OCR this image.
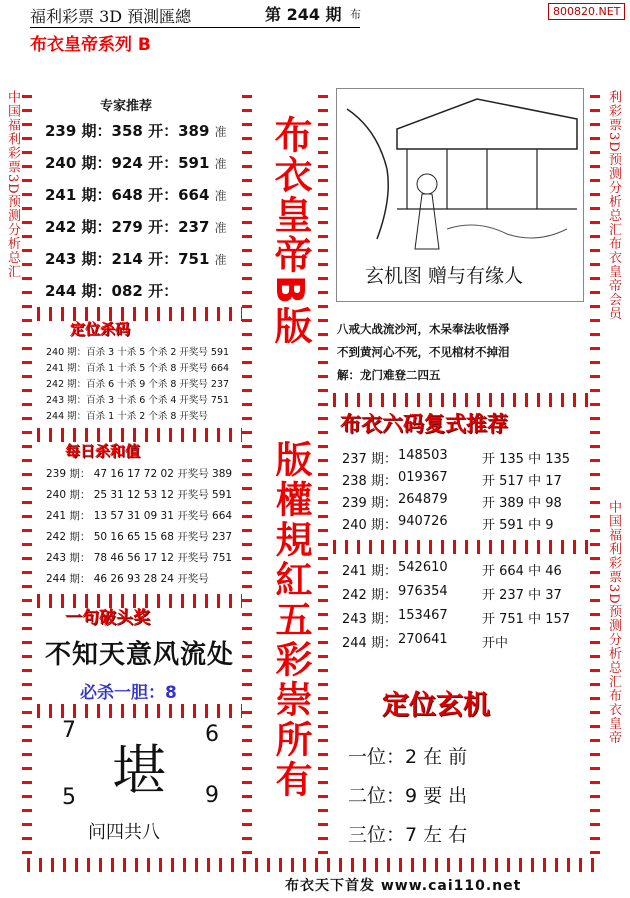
福利彩票 3D 預測匯總	第 244 期 布
布衣皇帝系列 B
800820.NET
中国福利彩票3D预测分析总汇	利彩票3D预测分析总汇布衣皇帝会员
中国福利彩票3D预测分析总汇布衣皇帝
专家推荐
239 期：358 开：389 准
240 期：924 开：591 准
241 期：648 开：664 准
242 期：279 开：237 准
243 期：214 开：751 准
244 期：082 开：
定位杀码
240 期：百杀 3 十杀 5 个杀 2 开奖号 591
241 期：百杀 1 十杀 5 个杀 8 开奖号 664
242 期：百杀 6 十杀 9 个杀 8 开奖号 237
243 期：百杀 3 十杀 6 个杀 4 开奖号 751
244 期：百杀 1 十杀 2 个杀 8 开奖号
每日杀和值
239 期： 47 16 17 72 02 开奖号 389
240 期： 25 31 12 53 12 开奖号 591
241 期： 13 57 31 09 31 开奖号 664
242 期： 50 16 65 15 68 开奖号 237
243 期： 78 46 56 17 12 开奖号 751
244 期： 46 26 93 28 24 开奖号
一句破头奖
不知天意风流处
必杀一胆：8
7	6
堪
5	9
问四共八
布衣皇帝B版
版權規紅五彩崇所有
玄机图 赠与有缘人
八戒大战流沙河，木呆奉法收悟淨
不到黄河心不死，不见棺材不掉泪
解：龙门难登二四五
布衣六码复式推荐
237 期： 148503	开 135 中 135
238 期： 019367	开 517 中 17
239 期： 264879	开 389 中 98
240 期： 940726	开 591 中 9
241 期： 542610	开 664 中 46
242 期： 976354	开 237 中 37
243 期： 153467	开 751 中 157
244 期： 270641	开中
定位玄机
一位：2 在 前
二位：9 要 出
三位：7 左 右
布衣天下首发 www.cai110.net
